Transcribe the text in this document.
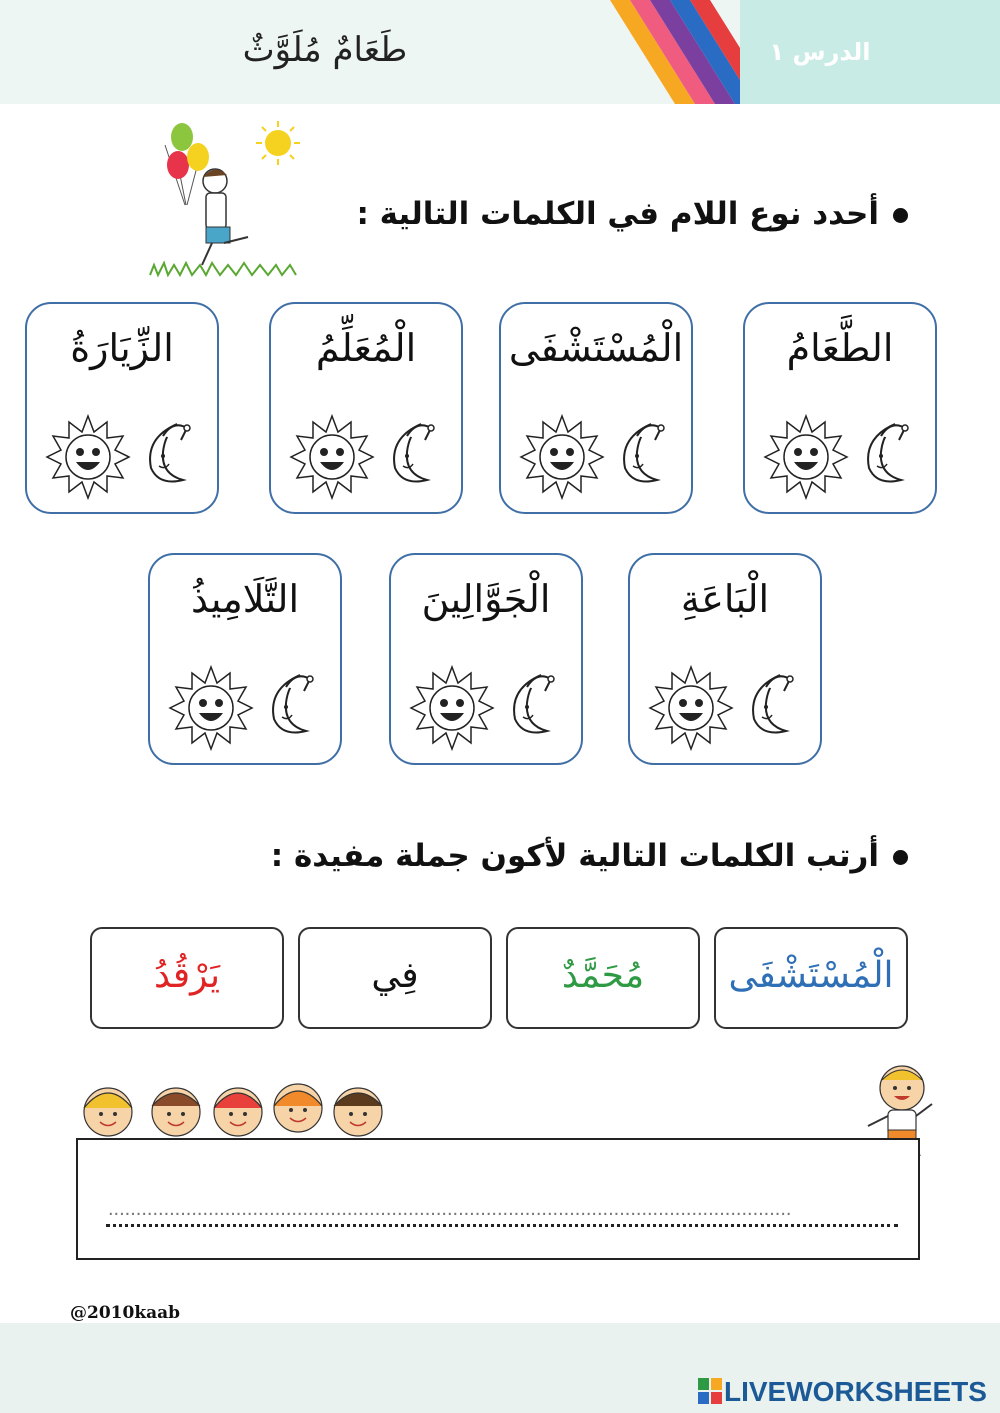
طَعَامٌ مُلَوَّثٌ	الدرس ١
أحدد نوع اللام في الكلمات التالية :
الطَّعَامُ
الْمُسْتَشْفَى
الْمُعَلِّمُ
الزِّيَارَةُ
الْبَاعَةِ
الْجَوَّالِينَ
التَّلَامِيذُ
أرتب الكلمات التالية لأكون جملة مفيدة :
الْمُسْتَشْفَى
مُحَمَّدٌ
فِي
يَرْقُدُ
...........................................................................................................................
@2010kaab
LIVEWORKSHEETS
